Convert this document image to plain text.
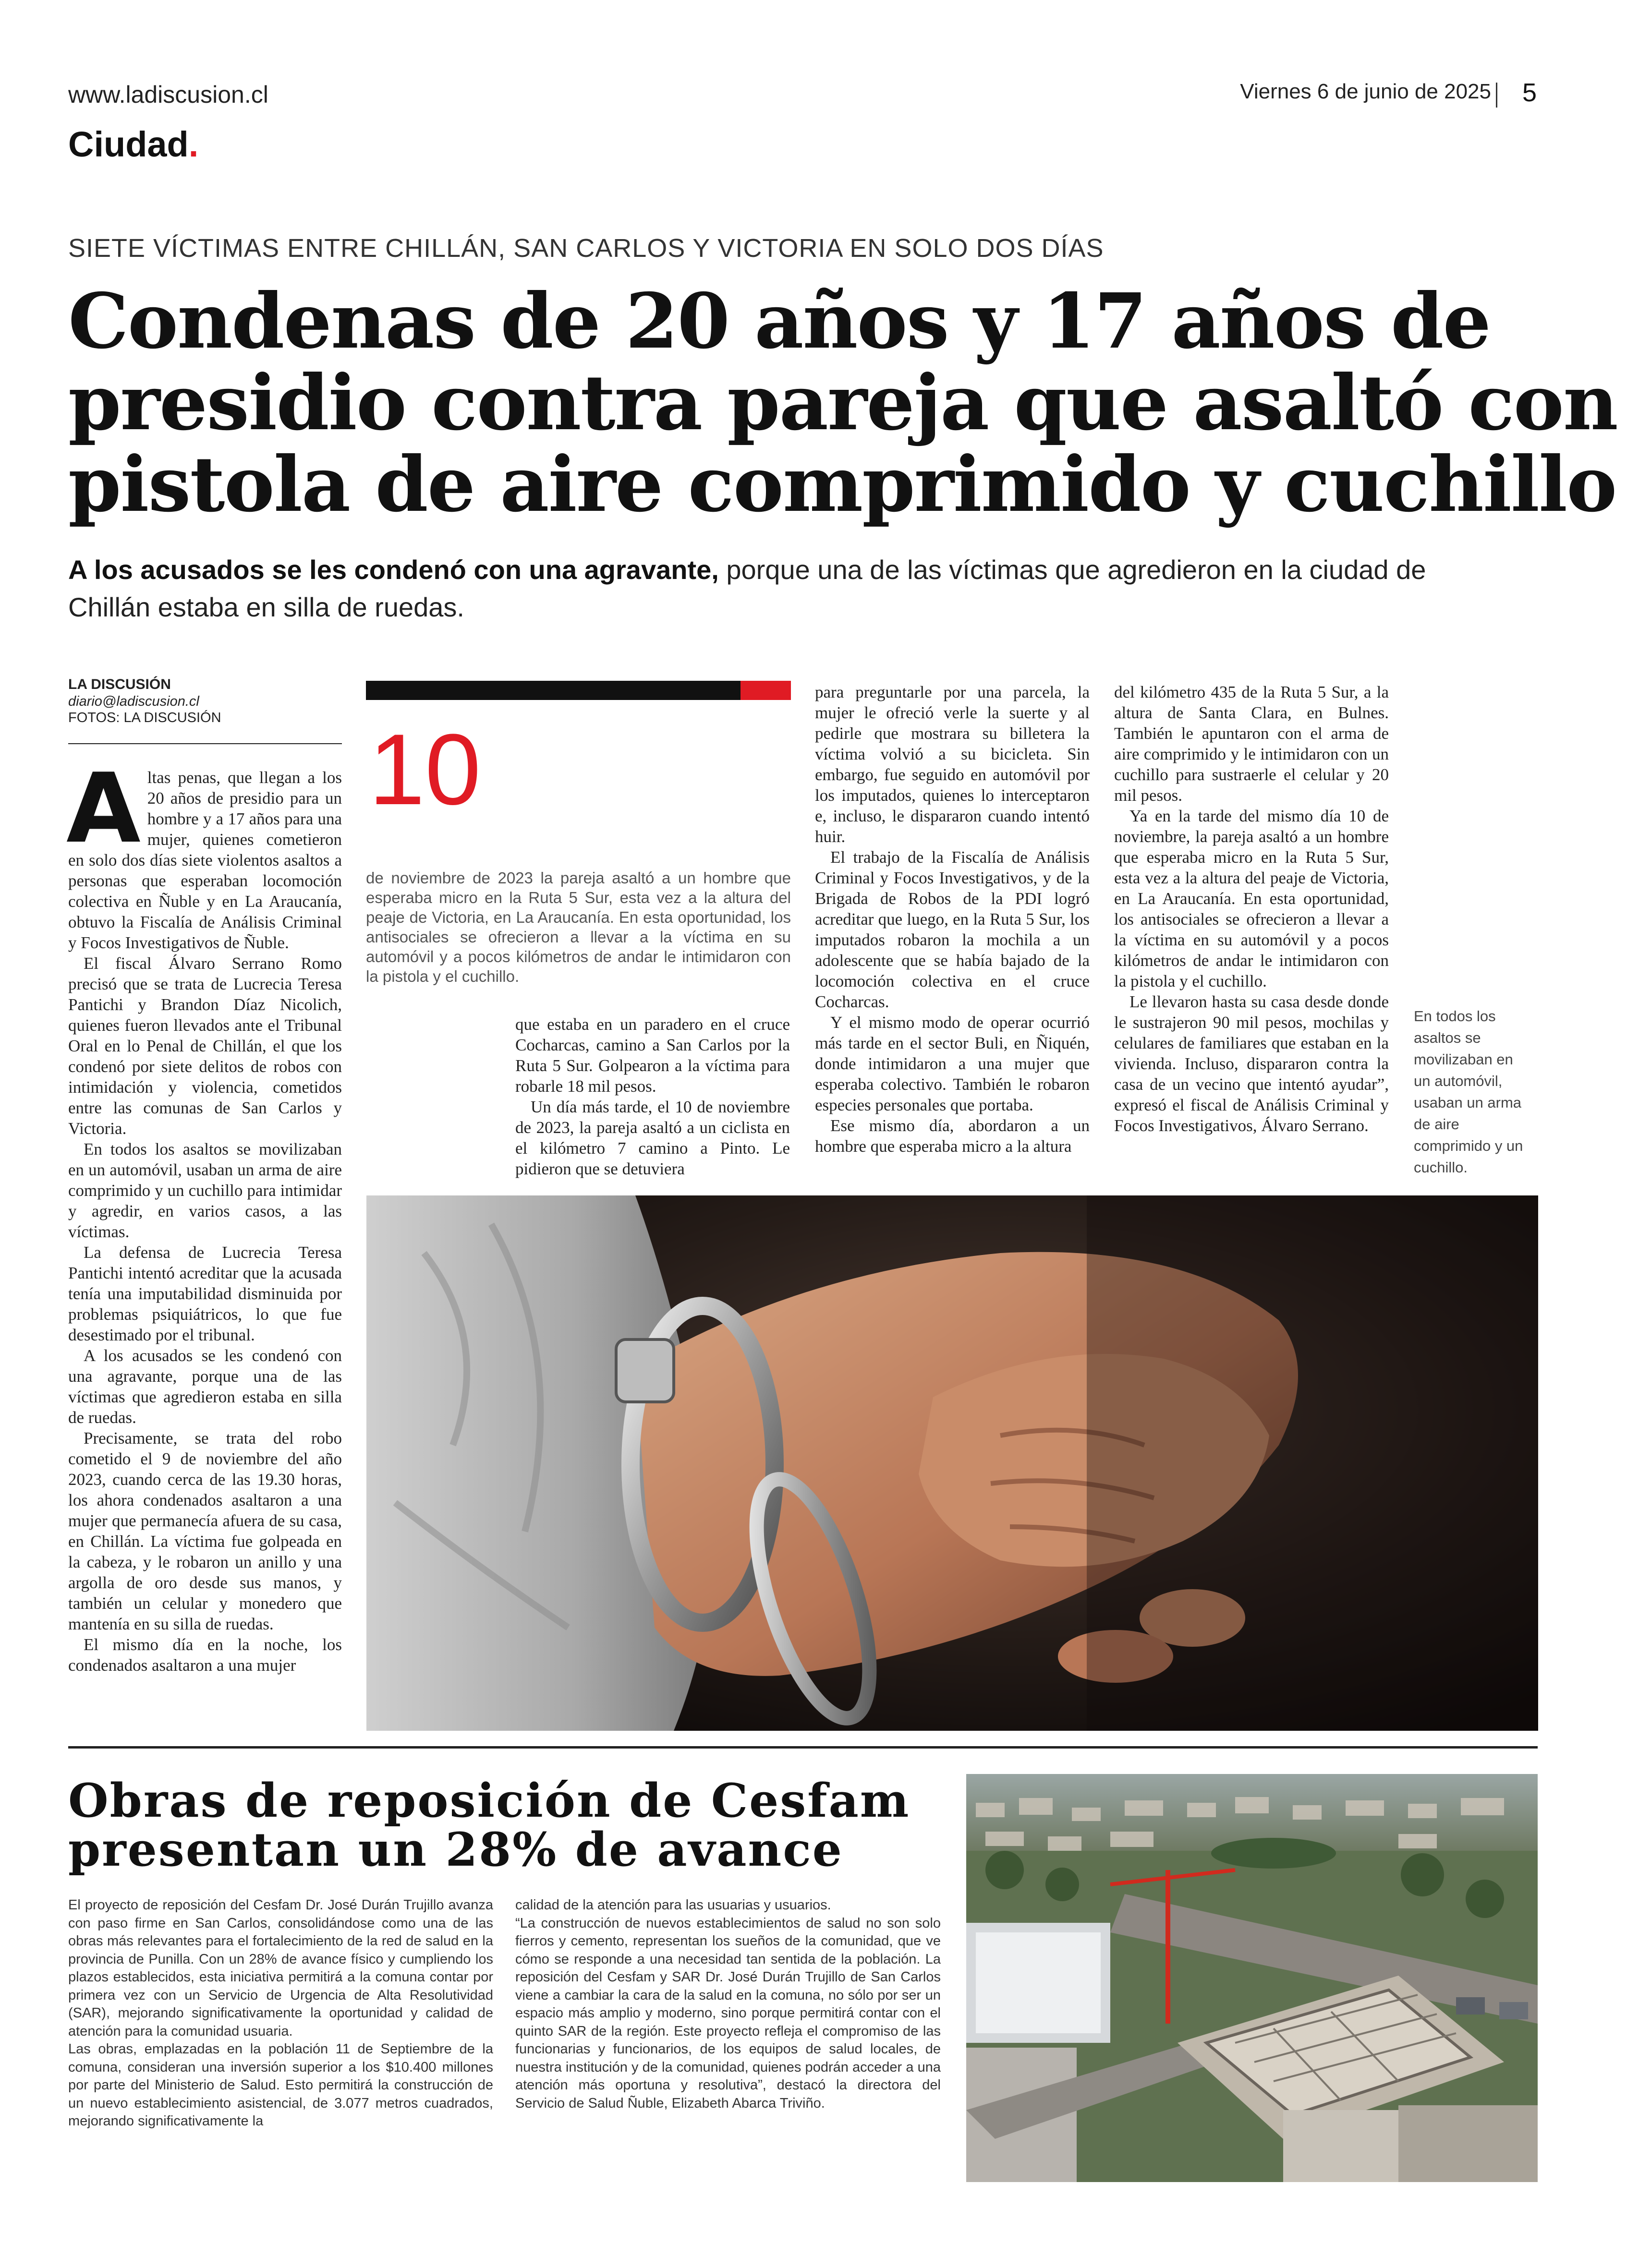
www.ladiscusion.cl	Viernes 6 de junio de 2025 5
Ciudad.
SIETE VÍCTIMAS ENTRE CHILLÁN, SAN CARLOS Y VICTORIA EN SOLO DOS DÍAS
Condenas de 20 años y 17 años de
presidio contra pareja que asaltó con
pistola de aire comprimido y cuchillo
A los acusados se les condenó con una agravante, porque una de las víctimas que agredieron en la ciudad de Chillán estaba en silla de ruedas.
LA DISCUSIÓN
diario@ladiscusion.cl
FOTOS: LA DISCUSIÓN
A ltas penas, que llegan a los 20 años de presidio para un hombre y a 17 años para una mujer, quienes cometieron en solo dos días siete violentos asaltos a personas que esperaban locomoción colectiva en Ñuble y en La Araucanía, obtuvo la Fiscalía de Análisis Criminal y Focos Investigativos de Ñuble.

El fiscal Álvaro Serrano Romo precisó que se trata de Lucrecia Teresa Pantichi y Brandon Díaz Nicolich, quienes fueron llevados ante el Tribunal Oral en lo Penal de Chillán, el que los condenó por siete delitos de robos con intimidación y violencia, cometidos entre las comunas de San Carlos y Victoria.

En todos los asaltos se movilizaban en un automóvil, usaban un arma de aire comprimido y un cuchillo para intimidar y agredir, en varios casos, a las víctimas.

La defensa de Lucrecia Teresa Pantichi intentó acreditar que la acusada tenía una imputabilidad disminuida por problemas psiquiátricos, lo que fue desestimado por el tribunal.

A los acusados se les condenó con una agravante, porque una de las víctimas que agredieron estaba en silla de ruedas.

Precisamente, se trata del robo cometido el 9 de noviembre del año 2023, cuando cerca de las 19.30 horas, los ahora condenados asaltaron a una mujer que permanecía afuera de su casa, en Chillán. La víctima fue golpeada en la cabeza, y le robaron un anillo y una argolla de oro desde sus manos, y también un celular y monedero que mantenía en su silla de ruedas.

El mismo día en la noche, los condenados asaltaron a una mujer

10
de noviembre de 2023 la pareja asaltó a un hombre que esperaba micro en la Ruta 5 Sur, esta vez a la altura del peaje de Victoria, en La Araucanía. En esta oportunidad, los antisociales se ofrecieron a llevar a la víctima en su automóvil y a pocos kilómetros de andar le intimidaron con la pistola y el cuchillo.

que estaba en un paradero en el cruce Cocharcas, camino a San Carlos por la Ruta 5 Sur. Golpearon a la víctima para robarle 18 mil pesos.

Un día más tarde, el 10 de noviembre de 2023, la pareja asaltó a un ciclista en el kilómetro 7 camino a Pinto. Le pidieron que se detuviera

para preguntarle por una parcela, la mujer le ofreció verle la suerte y al pedirle que mostrara su billetera la víctima volvió a su bicicleta. Sin embargo, fue seguido en automóvil por los imputados, quienes lo interceptaron e, incluso, le dispararon cuando intentó huir.

El trabajo de la Fiscalía de Análisis Criminal y Focos Investigativos, y de la Brigada de Robos de la PDI logró acreditar que luego, en la Ruta 5 Sur, los imputados robaron la mochila a un adolescente que se había bajado de la locomoción colectiva en el cruce Cocharcas.

Y el mismo modo de operar ocurrió más tarde en el sector Buli, en Ñiquén, donde intimidaron a una mujer que esperaba colectivo. También le robaron especies personales que portaba.

Ese mismo día, abordaron a un hombre que esperaba micro a la altura

del kilómetro 435 de la Ruta 5 Sur, a la altura de Santa Clara, en Bulnes. También le apuntaron con el arma de aire comprimido y le intimidaron con un cuchillo para sustraerle el celular y 20 mil pesos.

Ya en la tarde del mismo día 10 de noviembre, la pareja asaltó a un hombre que esperaba micro en la Ruta 5 Sur, esta vez a la altura del peaje de Victoria, en La Araucanía. En esta oportunidad, los antisociales se ofrecieron a llevar a la víctima en su automóvil y a pocos kilómetros de andar le intimidaron con la pistola y el cuchillo.

Le llevaron hasta su casa desde donde le sustrajeron 90 mil pesos, mochilas y celulares de familiares que estaban en la vivienda. Incluso, dispararon contra la casa de un vecino que intentó ayudar”, expresó el fiscal de Análisis Criminal y Focos Investigativos, Álvaro Serrano.

En todos los asaltos se movilizaban en un automóvil, usaban un arma de aire comprimido y un cuchillo.
Obras de reposición de Cesfam
presentan un 28% de avance

El proyecto de reposición del Cesfam Dr. José Durán Trujillo avanza con paso firme en San Carlos, consolidándose como una de las obras más relevantes para el fortalecimiento de la red de salud en la provincia de Punilla. Con un 28% de avance físico y cumpliendo los plazos establecidos, esta iniciativa permitirá a la comuna contar por primera vez con un Servicio de Urgencia de Alta Resolutividad (SAR), mejorando significativamente la oportunidad y calidad de atención para la comunidad usuaria.

Las obras, emplazadas en la población 11 de Septiembre de la comuna, consideran una inversión superior a los $10.400 millones por parte del Ministerio de Salud. Esto permitirá la construcción de un nuevo establecimiento asistencial, de 3.077 metros cuadrados, mejorando significativamente la

calidad de la atención para las usuarias y usuarios.

“La construcción de nuevos establecimientos de salud no son solo fierros y cemento, representan los sueños de la comunidad, que ve cómo se responde a una necesidad tan sentida de la población. La reposición del Cesfam y SAR Dr. José Durán Trujillo de San Carlos viene a cambiar la cara de la salud en la comuna, no sólo por ser un espacio más amplio y moderno, sino porque permitirá contar con el quinto SAR de la región. Este proyecto refleja el compromiso de las funcionarias y funcionarios, de los equipos de salud locales, de nuestra institución y de la comunidad, quienes podrán acceder a una atención más oportuna y resolutiva”, destacó la directora del Servicio de Salud Ñuble, Elizabeth Abarca Triviño.
